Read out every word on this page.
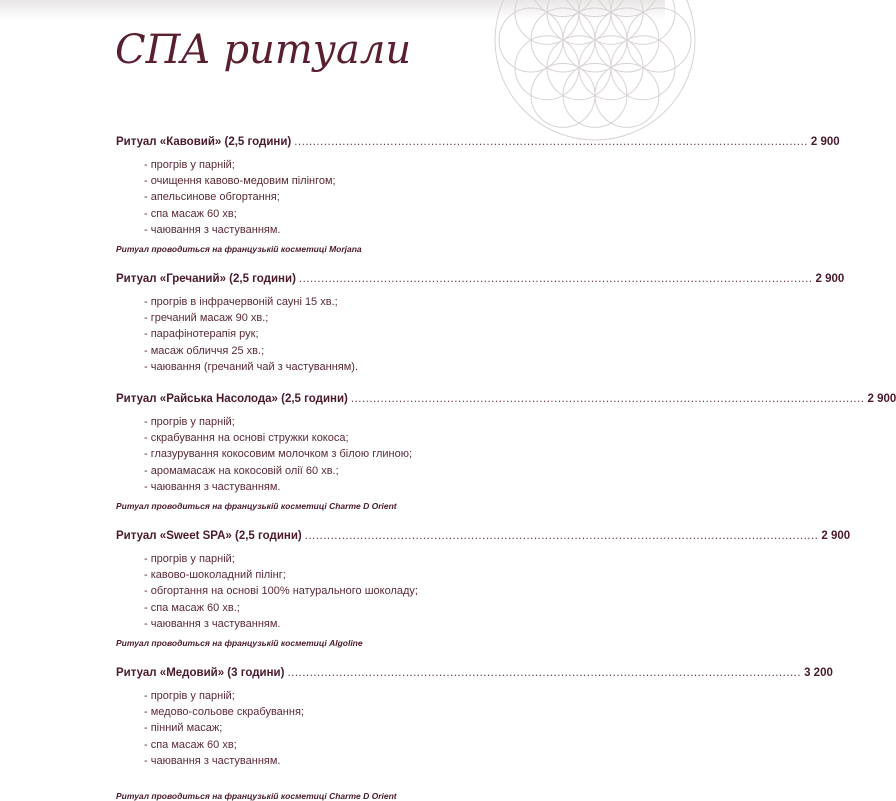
СПА ритуали
Ритуал «Кавовий» (2,5 години) ........................................................................................................................................... 2 900
- прогрів у парній;
- очищення кавово-медовим пілінгом;
- апельсинове обгортання;
- спа масаж 60 хв;
- чаювання з частуванням.
Ритуал проводиться на французькій косметиці Morjana
Ритуал «Гречаний» (2,5 години) ........................................................................................................................................... 2 900
- прогрів в інфрачервоній сауні 15 хв.;
- гречаний масаж 90 хв.;
- парафінотерапія рук;
- масаж обличчя 25 хв.;
- чаювання (гречаний чай з частуванням).
Ритуал «Райська Насолода» (2,5 години) ........................................................................................................................................... 2 900
- прогрів у парній;
- скрабування на основі стружки кокоса;
- глазурування кокосовим молочком з білою глиною;
- аромамасаж на кокосовій олії 60 хв.;
- чаювання з частуванням.
Ритуал проводиться на французькій косметиці Charme D Orient
Ритуал «Sweet SPA» (2,5 години) ........................................................................................................................................... 2 900
- прогрів у парній;
- кавово-шоколадний пілінг;
- обгортання на основі 100% натурального шоколаду;
- спа масаж 60 хв.;
- чаювання з частуванням.
Ритуал проводиться на французькій косметиці Algoline
Ритуал «Медовий» (3 години) ........................................................................................................................................... 3 200
- прогрів у парній;
- медово-сольове скрабування;
- пінний масаж;
- спа масаж 60 хв;
- чаювання з частуванням.
Ритуал проводиться на французькій косметиці Charme D Orient
